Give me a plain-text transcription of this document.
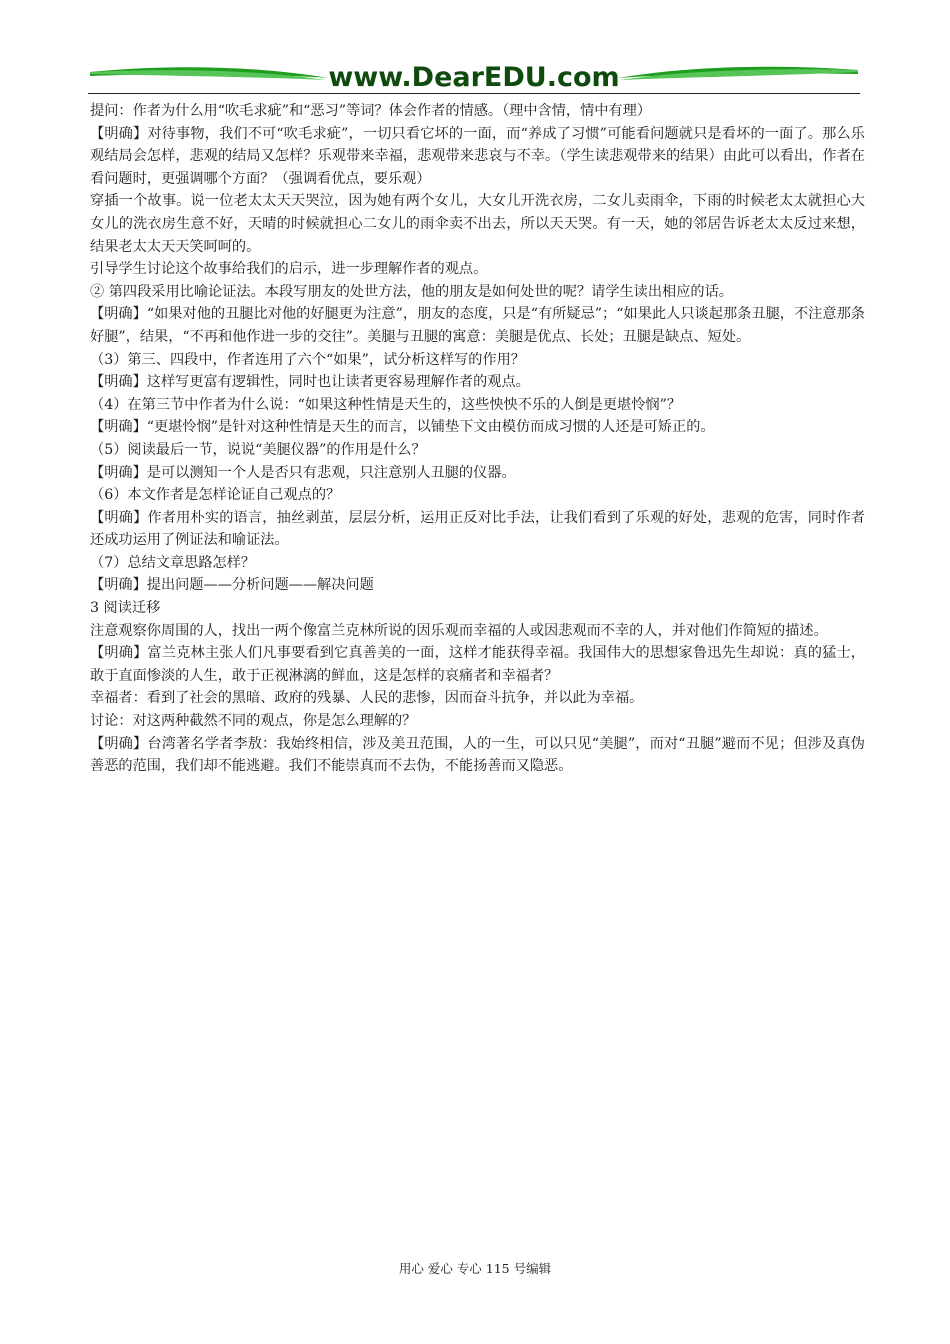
www.DearEDU.com

提问：作者为什么用“吹毛求疵”和“恶习”等词？体会作者的情感。（理中含情，情中有理）

【明确】对待事物，我们不可“吹毛求疵”，一切只看它坏的一面，而“养成了习惯”可能看问题就只是看坏的一面了。那么乐观结局会怎样，悲观的结局又怎样？乐观带来幸福，悲观带来悲哀与不幸。（学生读悲观带来的结果）由此可以看出，作者在看问题时，更强调哪个方面？（强调看优点，要乐观）

穿插一个故事。说一位老太太天天哭泣，因为她有两个女儿，大女儿开洗衣房，二女儿卖雨伞，下雨的时候老太太就担心大女儿的洗衣房生意不好，天晴的时候就担心二女儿的雨伞卖不出去，所以天天哭。有一天，她的邻居告诉老太太反过来想，结果老太太天天笑呵呵的。

引导学生讨论这个故事给我们的启示，进一步理解作者的观点。

② 第四段采用比喻论证法。本段写朋友的处世方法，他的朋友是如何处世的呢？请学生读出相应的话。

【明确】“如果对他的丑腿比对他的好腿更为注意”，朋友的态度，只是“有所疑忌”；“如果此人只谈起那条丑腿，不注意那条好腿”，结果，“不再和他作进一步的交往”。美腿与丑腿的寓意：美腿是优点、长处；丑腿是缺点、短处。

（3）第三、四段中，作者连用了六个“如果”，试分析这样写的作用？

【明确】这样写更富有逻辑性，同时也让读者更容易理解作者的观点。

（4）在第三节中作者为什么说：“如果这种性情是天生的，这些怏怏不乐的人倒是更堪怜悯”？

【明确】“更堪怜悯”是针对这种性情是天生的而言，以铺垫下文由模仿而成习惯的人还是可矫正的。

（5）阅读最后一节，说说“美腿仪器”的作用是什么？

【明确】是可以测知一个人是否只有悲观，只注意别人丑腿的仪器。

（6）本文作者是怎样论证自己观点的？

【明确】作者用朴实的语言，抽丝剥茧，层层分析，运用正反对比手法，让我们看到了乐观的好处，悲观的危害，同时作者还成功运用了例证法和喻证法。

（7）总结文章思路怎样？

【明确】提出问题——分析问题——解决问题

3 阅读迁移

注意观察你周围的人，找出一两个像富兰克林所说的因乐观而幸福的人或因悲观而不幸的人，并对他们作简短的描述。

【明确】富兰克林主张人们凡事要看到它真善美的一面，这样才能获得幸福。我国伟大的思想家鲁迅先生却说：真的猛士，敢于直面惨淡的人生，敢于正视淋漓的鲜血，这是怎样的哀痛者和幸福者？

幸福者：看到了社会的黑暗、政府的残暴、人民的悲惨，因而奋斗抗争，并以此为幸福。

讨论：对这两种截然不同的观点，你是怎么理解的？

【明确】台湾著名学者李敖：我始终相信，涉及美丑范围，人的一生，可以只见“美腿”，而对“丑腿”避而不见；但涉及真伪善恶的范围，我们却不能逃避。我们不能崇真而不去伪，不能扬善而又隐恶。

用心 爱心 专心 115 号编辑
